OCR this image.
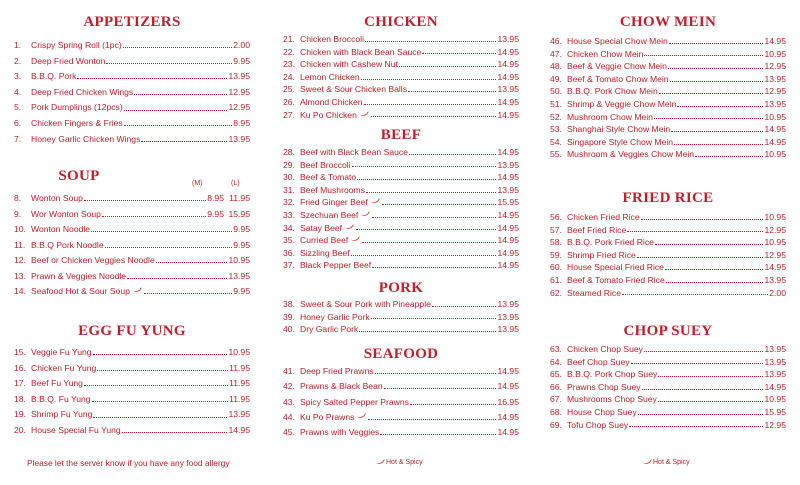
APPETIZERS
1.	Crispy Spring Roll (1pc)	2.00
2.	Deep Fried Wonton	9.95
3.	B.B.Q. Pork	13.95
4.	Deep Fried Chicken Wings	12.95
5.	Pork Dumplings (12pcs)	12.95
6.	Chicken Fingers & Fries	8.95
7.	Honey Garlic Chicken Wings	13.95
SOUP	(M)	(L)
8.	Wonton Soup	8.95 11.95
9.	Wor Wonton Soup	9.95 15.95
10. Wonton Noodle	9.95
11. B.B.Q Pork Noodle	9.95
12. Beef or Chicken Veggies Noodle	10.95
13. Prawn & Veggies Noodle	13.95
14. Seafood Hot & Sour Soup	9.95
EGG FU YUNG
15. Veggie Fu Yung	10.95
16. Chicken Fu Yung	11.95
17. Beef Fu Yung	11.95
18. B.B.Q. Fu Yung	11.95
19. Shrimp Fu Yung	13.95
20. House Special Fu Yung	14.95
Please let the server know if you have any food allergy
CHICKEN
21. Chicken Broccoli	13.95
22. Chicken with Black Bean Sauce	14.95
23. Chicken with Cashew Nut	14.95
24. Lemon Chicken	14.95
25. Sweet & Sour Chicken Balls	13.95
26. Almond Chicken	14.95
27. Ku Po Chicken	14.95
BEEF
28. Beef with Black Bean Sauce	14.95
29. Beef Broccoli	13.95
30. Beef & Tomato	14.95
31. Beef Mushrooms	13.95
32. Fried Ginger Beef	15.95
33. Szechuan Beef	14.95
34. Satay Beef	14.95
35. Curried Beef	14.95
36. Sizzling Beef	14.95
37. Black Pepper Beef	14.95
PORK
38. Sweet & Sour Pork with Pineapple	13.95
39. Honey Garlic Pork	13.95
40. Dry Garlic Pork	13.95
SEAFOOD
41. Deep Fried Prawns	14.95
42. Prawns & Black Bean	14.95
43. Spicy Salted Pepper Prawns	16.95
44. Ku Po Prawns	14.95
45. Prawns with Veggies	14.95
Hot & Spicy
CHOW MEIN
46. House Special Chow Mein	14.95
47. Chicken Chow Mein	10.95
48. Beef & Veggie Chow Mein	12.95
49. Beef & Tomato Chow Mein	13.95
50. B.B.Q. Pork Chow Mein	12.95
51. Shrimp & Veggie Chow Mein	13.95
52. Mushroom Chow Mein	10.95
53. Shanghai Style Chow Mein	14.95
54. Singapore Style Chow Mein	14.95
55. Mushroom & Veggies Chow Mein	10.95
FRIED RICE
56. Chicken Fried Rice	10.95
57. Beef Fried Rice	12.95
58. B.B.Q. Pork Fried Rice	10.95
59. Shrimp Fried Rice	12.95
60. House Special Fried Rice	14.95
61. Beef & Tomato Fried Rice	13.95
62. Steamed Rice	2.00
CHOP SUEY
63. Chicken Chop Suey	13.95
64. Beef Chop Suey	13.95
65. B.B.Q. Pork Chop Suey	13.95
66. Prawns Chop Suey	14.95
67. Mushrooms Chop Suey	10.95
68. House Chop Suey	15.95
69. Tofu Chop Suey	12.95
Hot & Spicy
